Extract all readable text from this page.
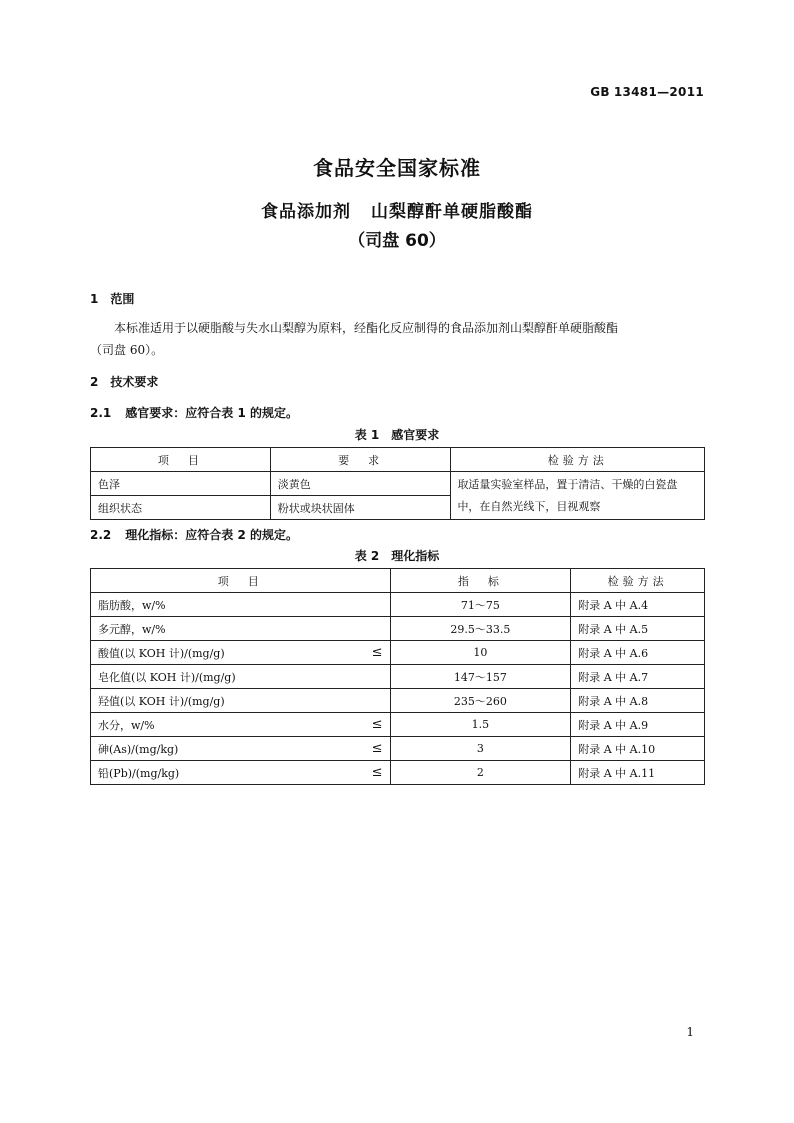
GB 13481—2011
食品安全国家标准
食品添加剂 山梨醇酐单硬脂酸酯
（司盘 60）
1 范围
本标准适用于以硬脂酸与失水山梨醇为原料，经酯化反应制得的食品添加剂山梨醇酐单硬脂酸酯
（司盘 60）。
2 技术要求
2.1 感官要求：应符合表 1 的规定。
表 1　感官要求
项　目	要　求	检验方法
色泽	淡黄色	取适量实验室样品，置于清洁、干燥的白瓷盘中，在自然光线下，目视观察
组织状态	粉状或块状固体	
2.2 理化指标：应符合表 2 的规定。
表 2　理化指标
项　目	指　标	检验方法
脂肪酸，w/%	71～75	附录 A 中 A.4
多元醇，w/%	29.5～33.5	附录 A 中 A.5
酸值(以 KOH 计)/(mg/g) ≤	10	附录 A 中 A.6
皂化值(以 KOH 计)/(mg/g)	147～157	附录 A 中 A.7
羟值(以 KOH 计)/(mg/g)	235～260	附录 A 中 A.8
水分，w/% ≤	1.5	附录 A 中 A.9
砷(As)/(mg/kg) ≤	3	附录 A 中 A.10
铅(Pb)/(mg/kg) ≤	2	附录 A 中 A.11
1
